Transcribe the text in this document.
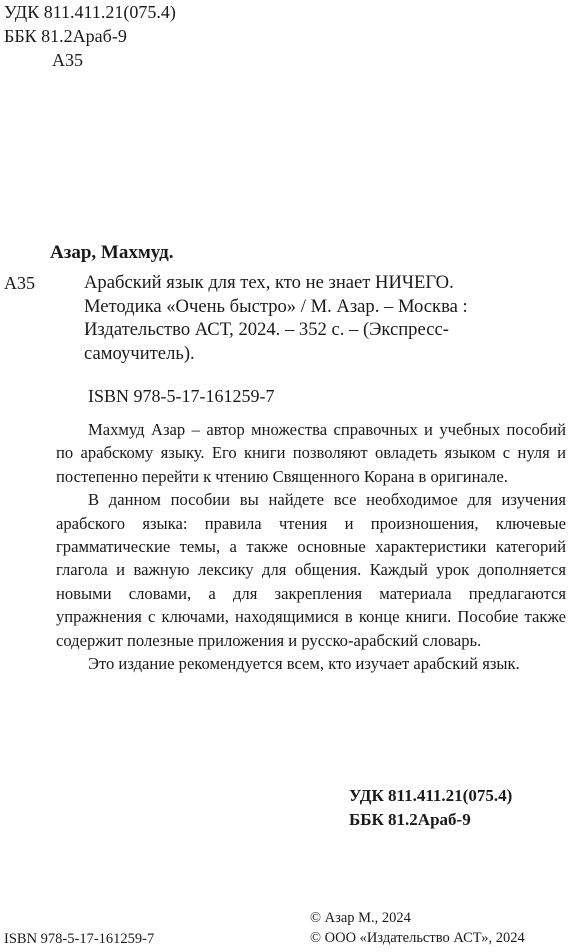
УДК 811.411.21(075.4)
ББК 81.2Араб-9
А35
Азар, Махмуд.
А35	Арабский язык для тех, кто не знает НИЧЕГО.
Методика «Очень быстро» / М. Азар. – Москва :
Издательство АСТ, 2024. – 352 с. – (Экспресс-
самоучитель).
ISBN 978-5-17-161259-7

Махмуд Азар – автор множества справочных и учебных пособий по арабскому языку. Его книги позволяют овладеть языком с нуля и постепенно перейти к чтению Священного Корана в оригинале.

В данном пособии вы найдете все необходимое для изучения арабского языка: правила чтения и произношения, ключевые грамматические темы, а также основные характеристики категорий глагола и важную лексику для общения. Каждый урок дополняется новыми словами, а для закрепления материала предлагаются упражнения с ключами, находящимися в конце книги. Пособие также содержит полезные приложения и русско-арабский словарь.

Это издание рекомендуется всем, кто изучает арабский язык.

УДК 811.411.21(075.4)
ББК 81.2Араб-9
© Азар М., 2024
© ООО «Издательство АСТ», 2024
ISBN 978-5-17-161259-7
